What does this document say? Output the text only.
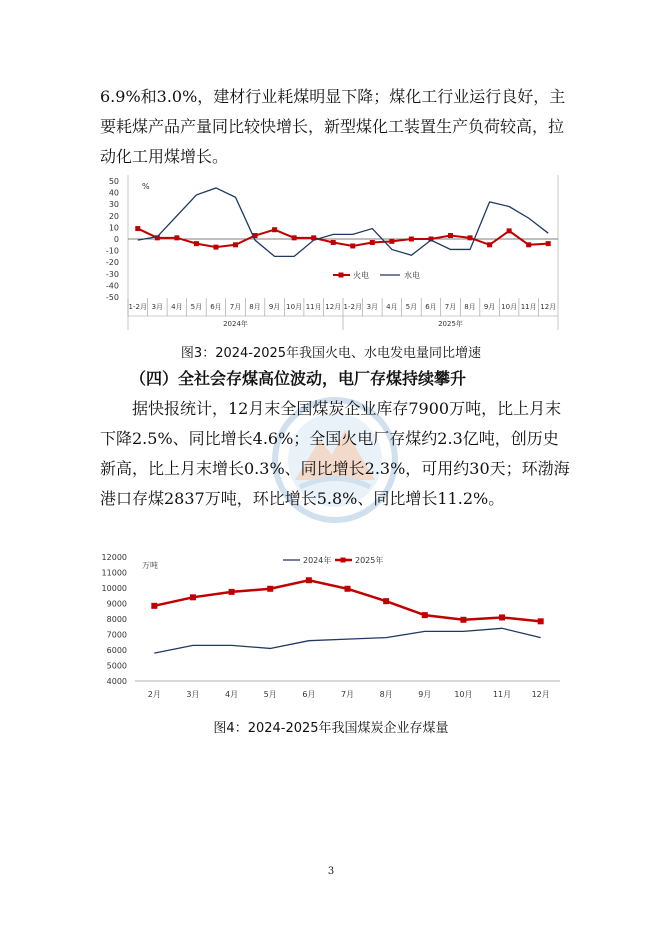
6.9%和3.0%，建材行业耗煤明显下降；煤化工行业运行良好，主要耗煤产品产量同比较快增长，新型煤化工装置生产负荷较高，拉动化工用煤增长。

%
50
40
30
20
10
0
-10
-20
-30
-40
-50
1-2月 3月 4月 5月 6月 7月 8月 9月 10月 11月 12月 1-2月 3月 4月 5月 6月 7月 8月 9月 10月 11月 12月
2024年	2025年
火电	水电
图3：2024-2025年我国火电、水电发电量同比增速

（四）全社会存煤高位波动，电厂存煤持续攀升

据快报统计，12月末全国煤炭企业库存7900万吨，比上月末下降2.5%、同比增长4.6%；全国火电厂存煤约2.3亿吨，创历史新高，比上月末增长0.3%、同比增长2.3%，可用约30天；环渤海港口存煤2837万吨，环比增长5.8%、同比增长11.2%。

万吨
12000
11000
10000
9000
8000
7000
6000
5000
4000
2月	3月	4月	5月	6月	7月	8月	9月	10月	11月	12月
2024年	2025年
图4：2024-2025年我国煤炭企业存煤量
3
